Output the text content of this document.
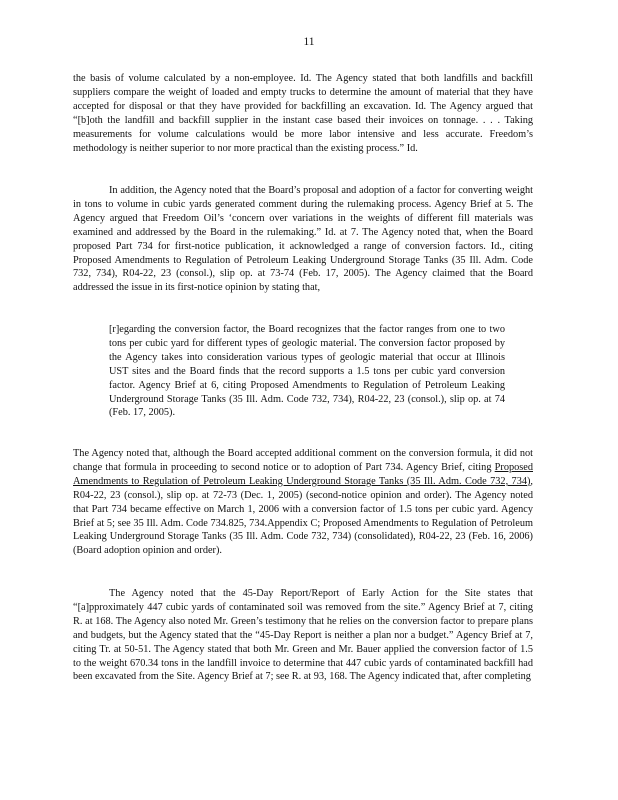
11
the basis of volume calculated by a non-employee. Id. The Agency stated that both landfills and backfill suppliers compare the weight of loaded and empty trucks to determine the amount of material that they have accepted for disposal or that they have provided for backfilling an excavation. Id. The Agency argued that “[b]oth the landfill and backfill supplier in the instant case based their invoices on tonnage. . . . Taking measurements for volume calculations would be more labor intensive and less accurate. Freedom’s methodology is neither superior to nor more practical than the existing process.” Id.
In addition, the Agency noted that the Board’s proposal and adoption of a factor for converting weight in tons to volume in cubic yards generated comment during the rulemaking process. Agency Brief at 5. The Agency argued that Freedom Oil’s ‘concern over variations in the weights of different fill materials was examined and addressed by the Board in the rulemaking.” Id. at 7. The Agency noted that, when the Board proposed Part 734 for first-notice publication, it acknowledged a range of conversion factors. Id., citing Proposed Amendments to Regulation of Petroleum Leaking Underground Storage Tanks (35 Ill. Adm. Code 732, 734), R04-22, 23 (consol.), slip op. at 73-74 (Feb. 17, 2005). The Agency claimed that the Board addressed the issue in its first-notice opinion by stating that,
[r]egarding the conversion factor, the Board recognizes that the factor ranges from one to two tons per cubic yard for different types of geologic material. The conversion factor proposed by the Agency takes into consideration various types of geologic material that occur at Illinois UST sites and the Board finds that the record supports a 1.5 tons per cubic yard conversion factor. Agency Brief at 6, citing Proposed Amendments to Regulation of Petroleum Leaking Underground Storage Tanks (35 Ill. Adm. Code 732, 734), R04-22, 23 (consol.), slip op. at 74 (Feb. 17, 2005).
The Agency noted that, although the Board accepted additional comment on the conversion formula, it did not change that formula in proceeding to second notice or to adoption of Part 734. Agency Brief, citing Proposed Amendments to Regulation of Petroleum Leaking Underground Storage Tanks (35 Ill. Adm. Code 732, 734), R04-22, 23 (consol.), slip op. at 72-73 (Dec. 1, 2005) (second-notice opinion and order). The Agency noted that Part 734 became effective on March 1, 2006 with a conversion factor of 1.5 tons per cubic yard. Agency Brief at 5; see 35 Ill. Adm. Code 734.825, 734.Appendix C; Proposed Amendments to Regulation of Petroleum Leaking Underground Storage Tanks (35 Ill. Adm. Code 732, 734) (consolidated), R04-22, 23 (Feb. 16, 2006) (Board adoption opinion and order).
The Agency noted that the 45-Day Report/Report of Early Action for the Site states that “[a]pproximately 447 cubic yards of contaminated soil was removed from the site.” Agency Brief at 7, citing R. at 168. The Agency also noted Mr. Green’s testimony that he relies on the conversion factor to prepare plans and budgets, but the Agency stated that the “45-Day Report is neither a plan nor a budget.” Agency Brief at 7, citing Tr. at 50-51. The Agency stated that both Mr. Green and Mr. Bauer applied the conversion factor of 1.5 to the weight 670.34 tons in the landfill invoice to determine that 447 cubic yards of contaminated backfill had been excavated from the Site. Agency Brief at 7; see R. at 93, 168. The Agency indicated that, after completing
